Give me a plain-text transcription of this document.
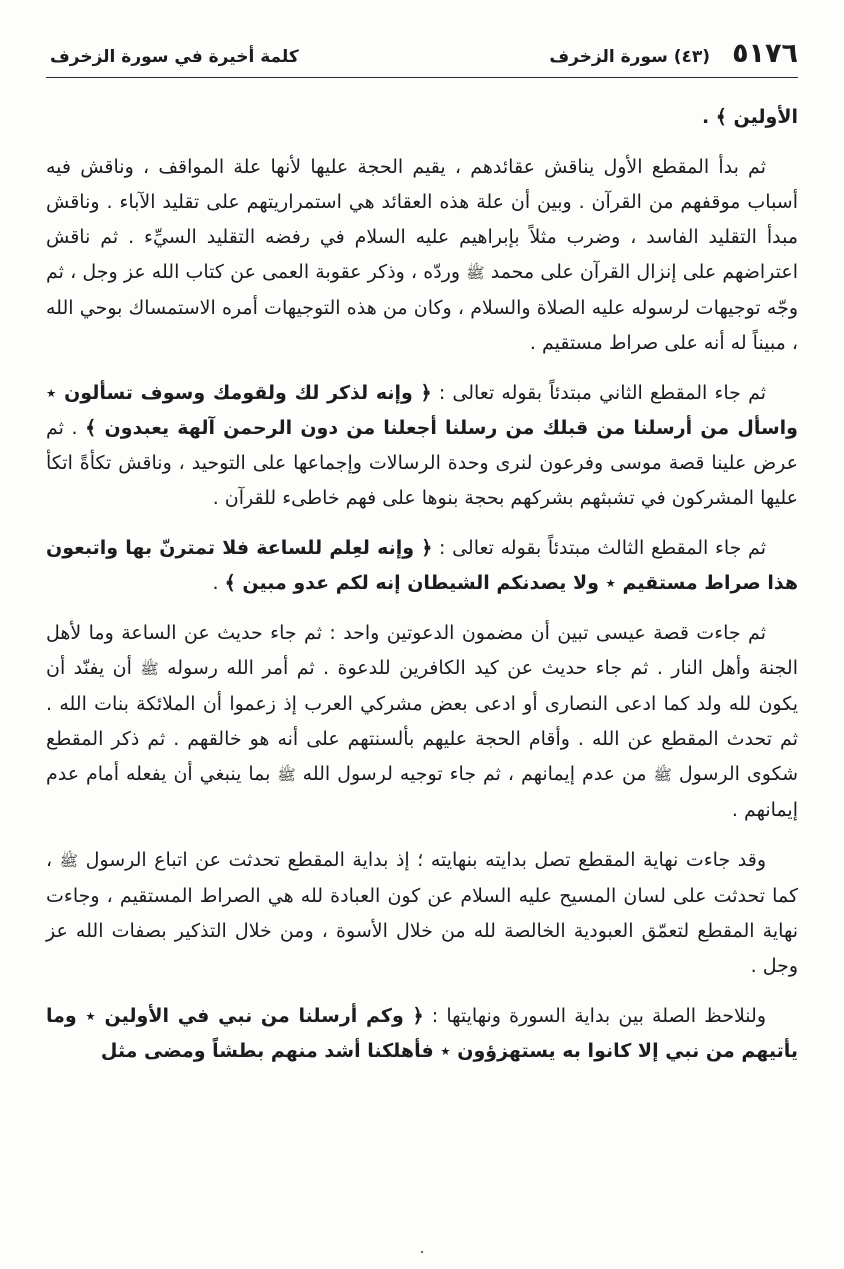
٥١٧٦
(٤٣) سورة الزخرف
كلمة أخيرة في سورة الزخرف

الأولين ﴾ .

ثم بدأ المقطع الأول يناقش عقائدهم ، يقيم الحجة عليها لأنها علة المواقف ، وناقش فيه أسباب موقفهم من القرآن . وبين أن علة هذه العقائد هي استمراريتهم على تقليد الآباء . وناقش مبدأ التقليد الفاسد ، وضرب مثلاً بإبراهيم عليه السلام في رفضه التقليد السيِّء . ثم ناقش اعتراضهم على إنزال القرآن على محمد ﷺ وردّه ، وذكر عقوبة العمى عن كتاب الله عز وجل ، ثم وجّه توجيهات لرسوله عليه الصلاة والسلام ، وكان من هذه التوجيهات أمره الاستمساك بوحي الله ، مبيناً له أنه على صراط مستقيم .

ثم جاء المقطع الثاني مبتدئاً بقوله تعالى : ﴿ وإنه لذكر لك ولقومك وسوف تسألون ٭ واسأل من أرسلنا من قبلك من رسلنا أجعلنا من دون الرحمن آلهة يعبدون ﴾ . ثم عرض علينا قصة موسى وفرعون لنرى وحدة الرسالات وإجماعها على التوحيد ، وناقش تكأةً اتكأ عليها المشركون في تشبثهم بشركهم بحجة بنوها على فهم خاطىء للقرآن .

ثم جاء المقطع الثالث مبتدئاً بقوله تعالى : ﴿ وإنه لعِلم للساعة فلا تمترنّ بها واتبعون هذا صراط مستقيم ٭ ولا يصدنكم الشيطان إنه لكم عدو مبين ﴾ .

ثم جاءت قصة عيسى تبين أن مضمون الدعوتين واحد : ثم جاء حديث عن الساعة وما لأهل الجنة وأهل النار . ثم جاء حديث عن كيد الكافرين للدعوة . ثم أمر الله رسوله ﷺ أن يفنّد أن يكون لله ولد كما ادعى النصارى أو ادعى بعض مشركي العرب إذ زعموا أن الملائكة بنات الله . ثم تحدث المقطع عن الله . وأقام الحجة عليهم بألسنتهم على أنه هو خالقهم . ثم ذكر المقطع شكوى الرسول ﷺ من عدم إيمانهم ، ثم جاء توجيه لرسول الله ﷺ بما ينبغي أن يفعله أمام عدم إيمانهم .

وقد جاءت نهاية المقطع تصل بدايته بنهايته ؛ إذ بداية المقطع تحدثت عن اتباع الرسول ﷺ ، كما تحدثت على لسان المسيح عليه السلام عن كون العبادة لله هي الصراط المستقيم ، وجاءت نهاية المقطع لتعمّق العبودية الخالصة لله من خلال الأسوة ، ومن خلال التذكير بصفات الله عز وجل .

ولنلاحظ الصلة بين بداية السورة ونهايتها : ﴿ وكم أرسلنا من نبي في الأولين ٭ وما يأتيهم من نبي إلا كانوا به يستهزؤون ٭ فأهلكنا أشد منهم بطشاً ومضى مثل

.
